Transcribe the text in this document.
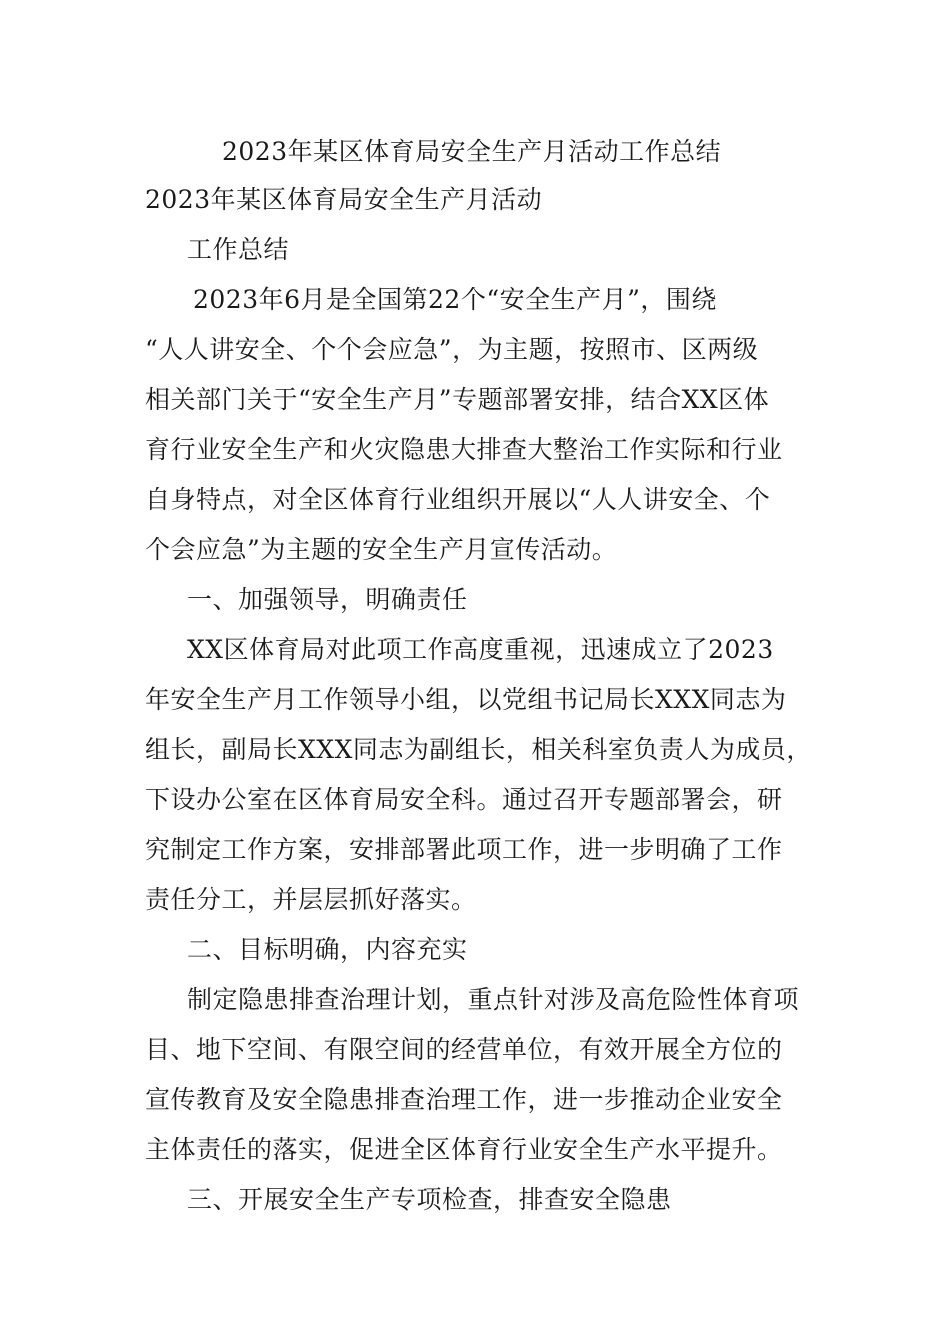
2023年某区体育局安全生产月活动工作总结
2023年某区体育局安全生产月活动
工作总结
2023年6月是全国第22个“安全生产月”，围绕
“人人讲安全、个个会应急”，为主题，按照市、区两级
相关部门关于“安全生产月”专题部署安排，结合XX区体
育行业安全生产和火灾隐患大排查大整治工作实际和行业
自身特点，对全区体育行业组织开展以“人人讲安全、个
个会应急”为主题的安全生产月宣传活动。
一、加强领导，明确责任
XX区体育局对此项工作高度重视，迅速成立了2023
年安全生产月工作领导小组，以党组书记局长XXX同志为
组长，副局长XXX同志为副组长，相关科室负责人为成员，
下设办公室在区体育局安全科。通过召开专题部署会，研
究制定工作方案，安排部署此项工作，进一步明确了工作
责任分工，并层层抓好落实。
二、目标明确，内容充实
制定隐患排查治理计划，重点针对涉及高危险性体育项
目、地下空间、有限空间的经营单位，有效开展全方位的
宣传教育及安全隐患排查治理工作，进一步推动企业安全
主体责任的落实，促进全区体育行业安全生产水平提升。
三、开展安全生产专项检查，排查安全隐患
